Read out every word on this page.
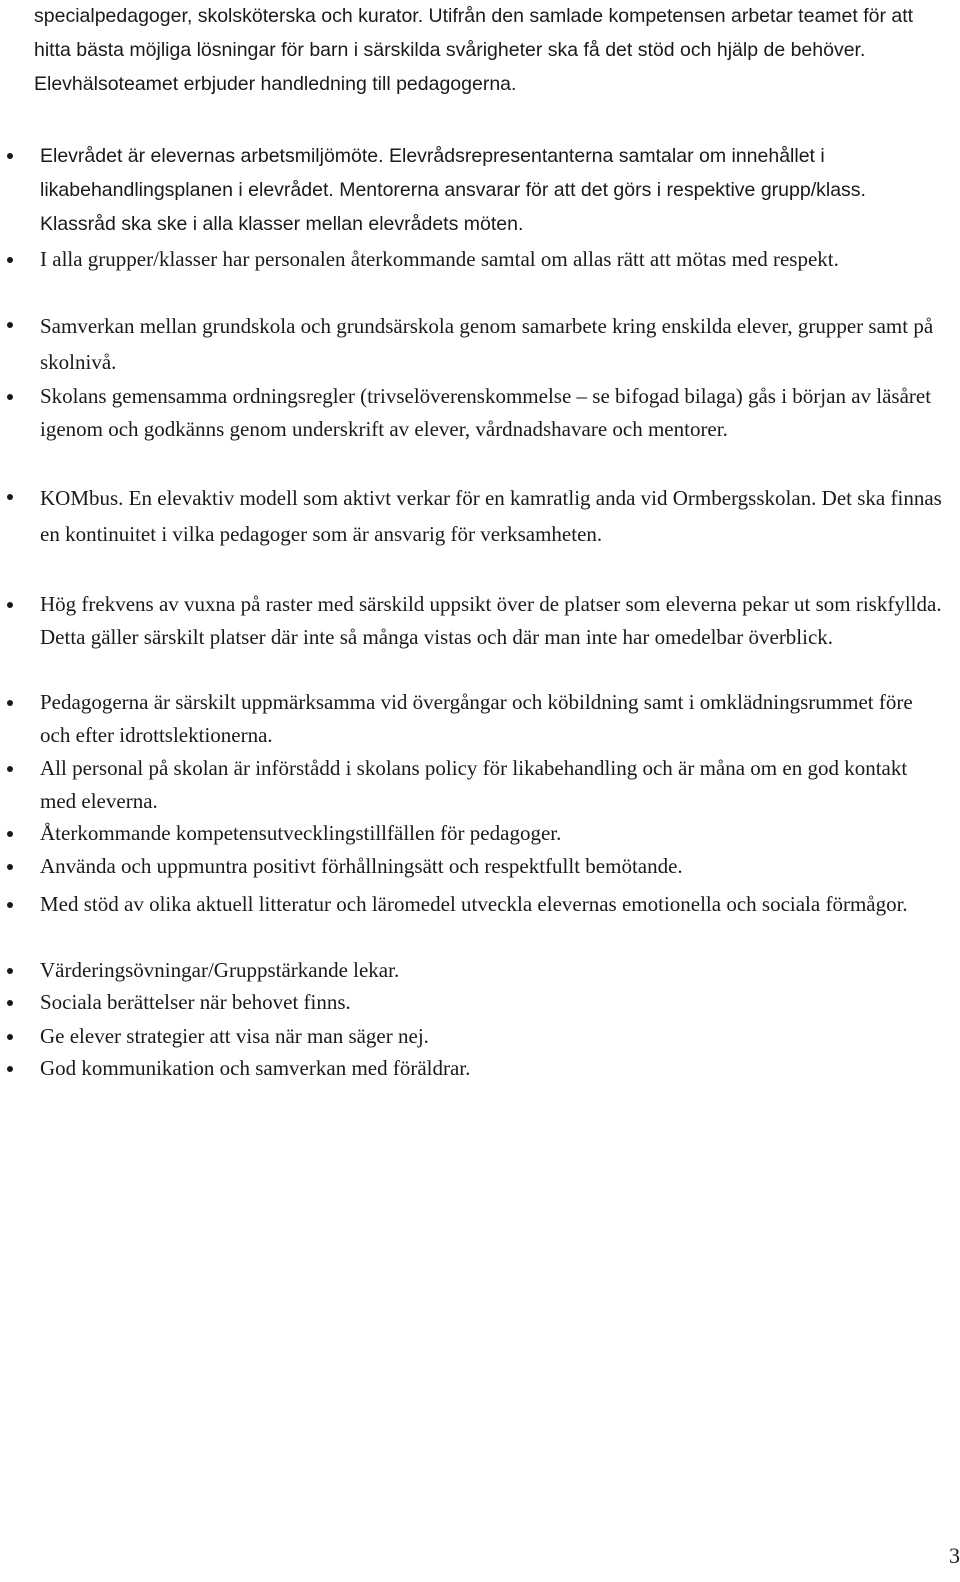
specialpedagoger, skolsköterska och kurator. Utifrån den samlade kompetensen arbetar teamet för att hitta bästa möjliga lösningar för barn i särskilda svårigheter ska få det stöd och hjälp de behöver. Elevhälsoteamet erbjuder handledning till pedagogerna.

Elevrådet är elevernas arbetsmiljömöte. Elevrådsrepresentanterna samtalar om innehållet i likabehandlingsplanen i elevrådet. Mentorerna ansvarar för att det görs i respektive grupp/klass. Klassråd ska ske i alla klasser mellan elevrådets möten.

I alla grupper/klasser har personalen återkommande samtal om allas rätt att mötas med respekt.

Samverkan mellan grundskola och grundsärskola genom samarbete kring enskilda elever, grupper samt på skolnivå.

Skolans gemensamma ordningsregler (trivselöverenskommelse – se bifogad bilaga) gås i början av läsåret igenom och godkänns genom underskrift av elever, vårdnadshavare och mentorer.

KOMbus. En elevaktiv modell som aktivt verkar för en kamratlig anda vid Ormbergsskolan. Det ska finnas en kontinuitet i vilka pedagoger som är ansvarig för verksamheten.

Hög frekvens av vuxna på raster med särskild uppsikt över de platser som eleverna pekar ut som riskfyllda. Detta gäller särskilt platser där inte så många vistas och där man inte har omedelbar överblick.

Pedagogerna är särskilt uppmärksamma vid övergångar och köbildning samt i omklädningsrummet före och efter idrottslektionerna.

All personal på skolan är införstådd i skolans policy för likabehandling och är måna om en god kontakt med eleverna.

Återkommande kompetensutvecklingstillfällen för pedagoger.

Använda och uppmuntra positivt förhållningsätt och respektfullt bemötande.

Med stöd av olika aktuell litteratur och läromedel utveckla elevernas emotionella och sociala förmågor.

Värderingsövningar/Gruppstärkande lekar.

Sociala berättelser när behovet finns.

Ge elever strategier att visa när man säger nej.

God kommunikation och samverkan med föräldrar.

3
